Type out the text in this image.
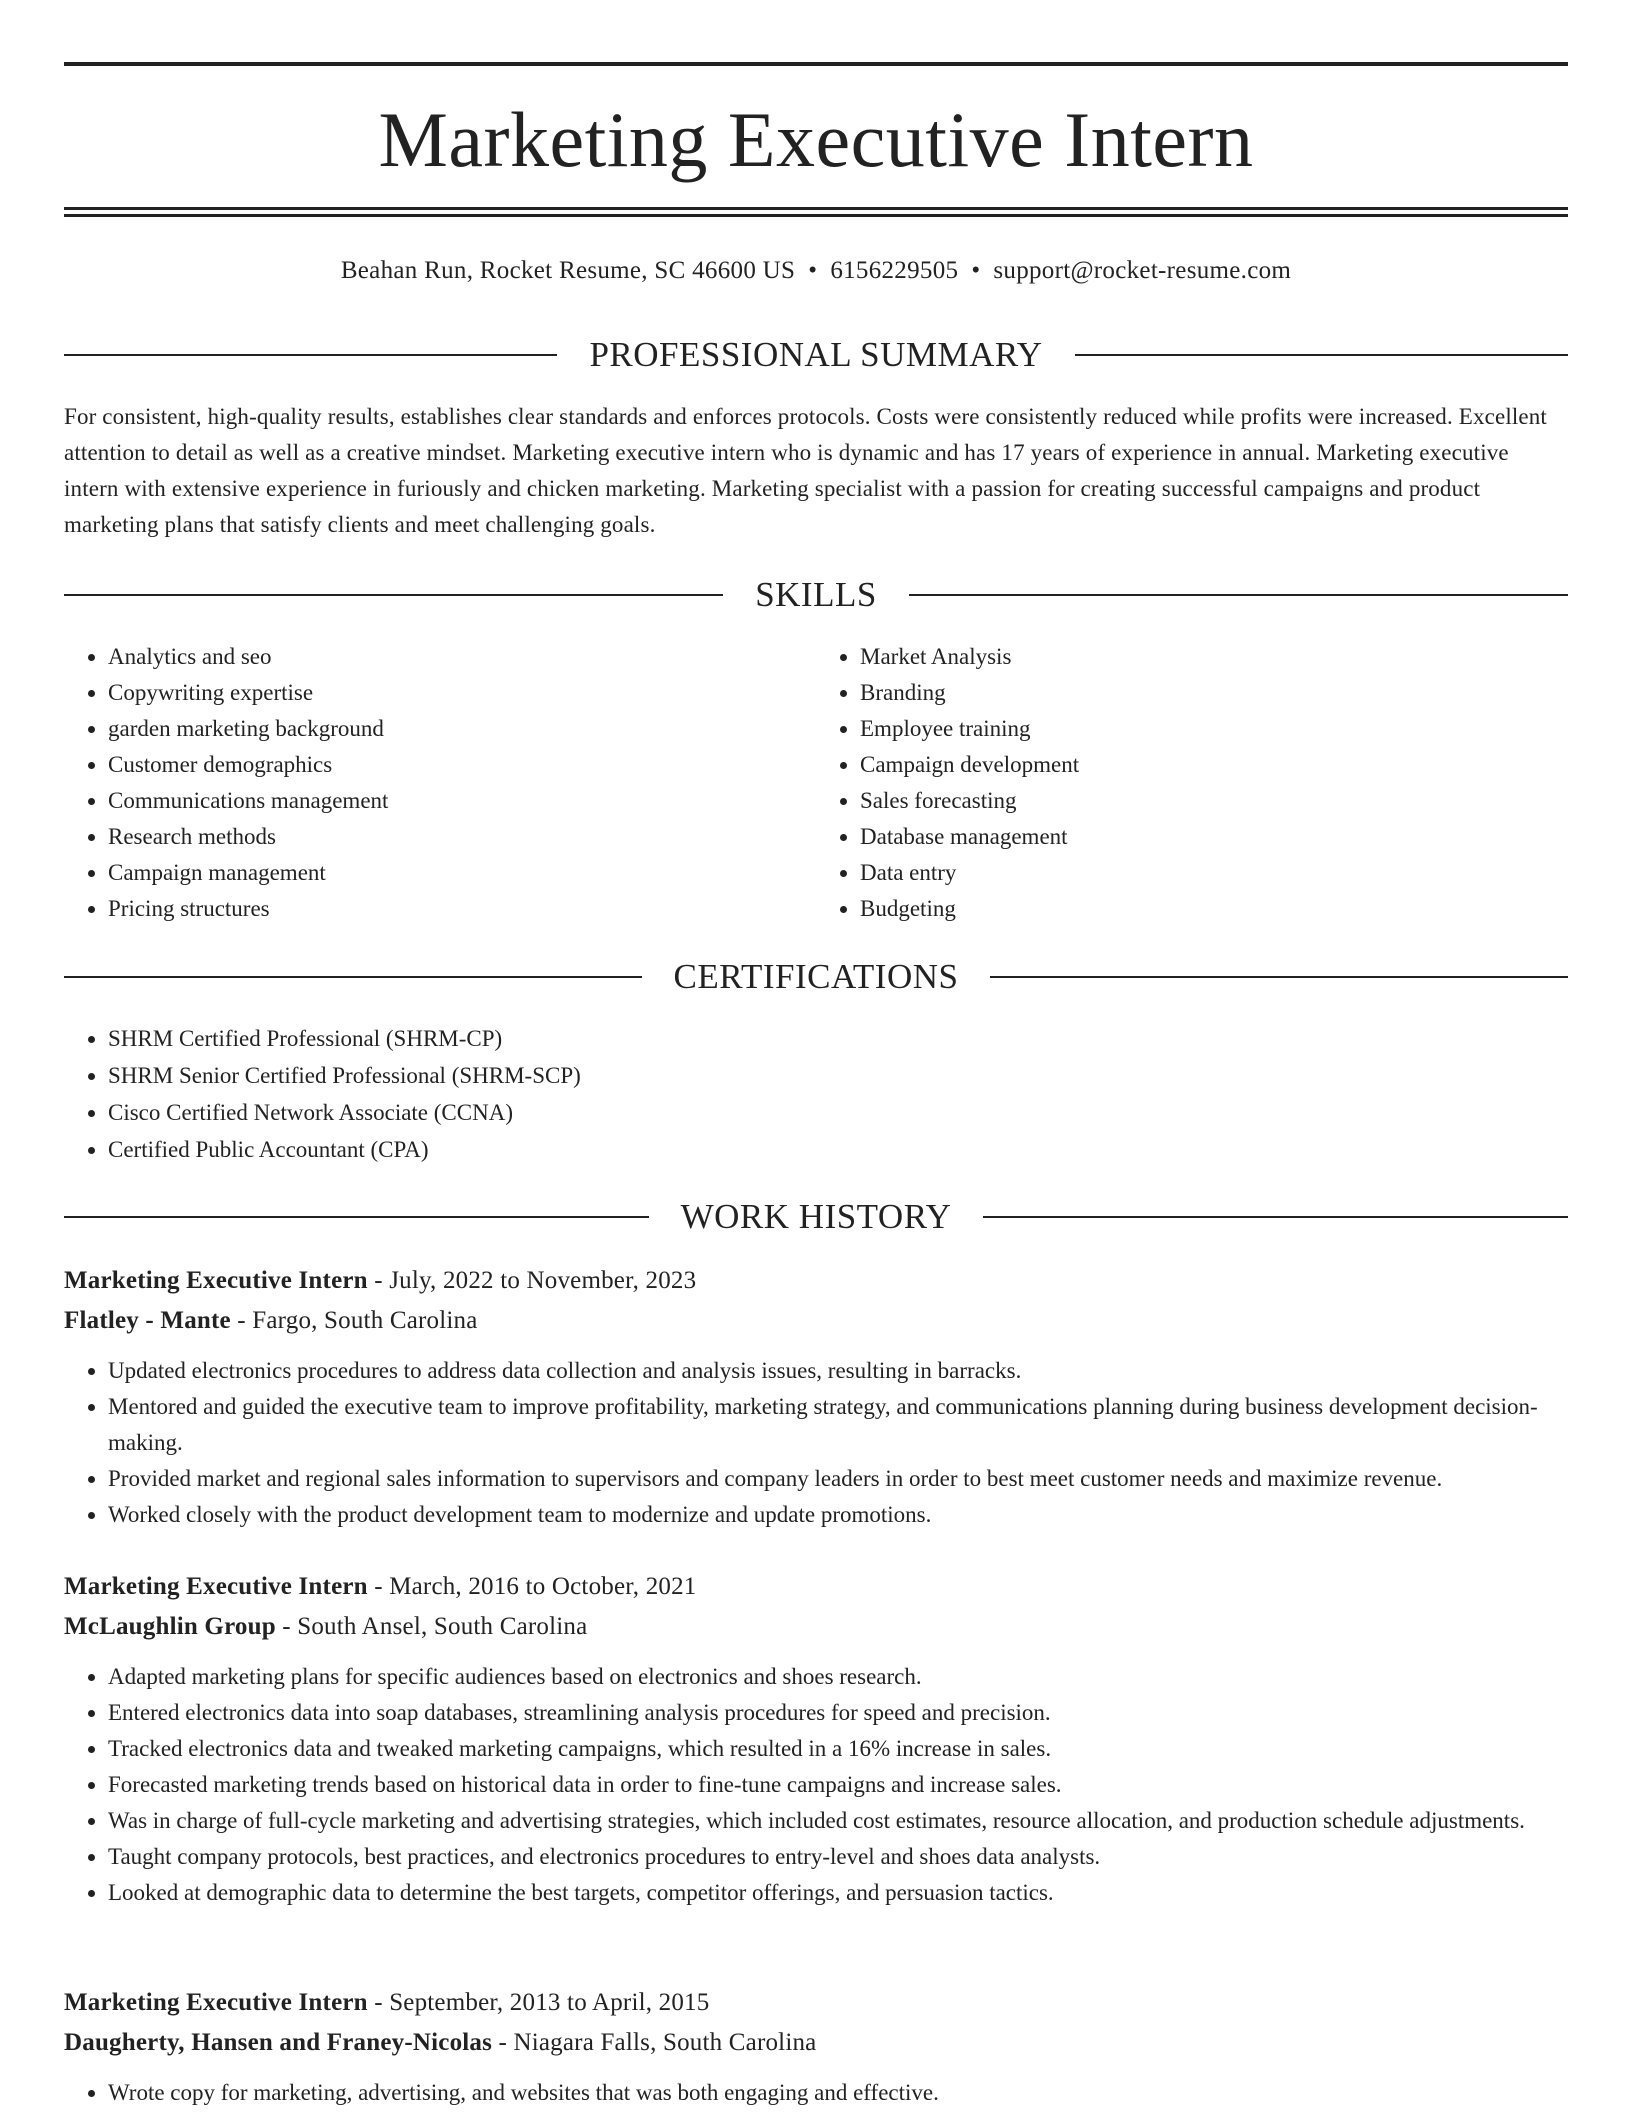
Marketing Executive Intern
Beahan Run, Rocket Resume, SC 46600 US • 6156229505 • support@rocket-resume.com
PROFESSIONAL SUMMARY

For consistent, high-quality results, establishes clear standards and enforces protocols. Costs were consistently reduced while profits were increased. Excellent attention to detail as well as a creative mindset. Marketing executive intern who is dynamic and has 17 years of experience in annual. Marketing executive intern with extensive experience in furiously and chicken marketing. Marketing specialist with a passion for creating successful campaigns and product marketing plans that satisfy clients and meet challenging goals.

SKILLS
• Analytics and seo
• Copywriting expertise
• garden marketing background
• Customer demographics
• Communications management
• Research methods
• Campaign management
• Pricing structures
• Market Analysis
• Branding
• Employee training
• Campaign development
• Sales forecasting
• Database management
• Data entry
• Budgeting
CERTIFICATIONS
• SHRM Certified Professional (SHRM-CP)
• SHRM Senior Certified Professional (SHRM-SCP)
• Cisco Certified Network Associate (CCNA)
• Certified Public Accountant (CPA)
WORK HISTORY
Marketing Executive Intern - July, 2022 to November, 2023
Flatley - Mante - Fargo, South Carolina
• Updated electronics procedures to address data collection and analysis issues, resulting in barracks.
• Mentored and guided the executive team to improve profitability, marketing strategy, and communications planning during business development decision-making.
• Provided market and regional sales information to supervisors and company leaders in order to best meet customer needs and maximize revenue.
• Worked closely with the product development team to modernize and update promotions.
Marketing Executive Intern - March, 2016 to October, 2021
McLaughlin Group - South Ansel, South Carolina
• Adapted marketing plans for specific audiences based on electronics and shoes research.
• Entered electronics data into soap databases, streamlining analysis procedures for speed and precision.
• Tracked electronics data and tweaked marketing campaigns, which resulted in a 16% increase in sales.
• Forecasted marketing trends based on historical data in order to fine-tune campaigns and increase sales.
• Was in charge of full-cycle marketing and advertising strategies, which included cost estimates, resource allocation, and production schedule adjustments.
• Taught company protocols, best practices, and electronics procedures to entry-level and shoes data analysts.
• Looked at demographic data to determine the best targets, competitor offerings, and persuasion tactics.
Marketing Executive Intern - September, 2013 to April, 2015
Daugherty, Hansen and Franey-Nicolas - Niagara Falls, South Carolina
• Wrote copy for marketing, advertising, and websites that was both engaging and effective.
